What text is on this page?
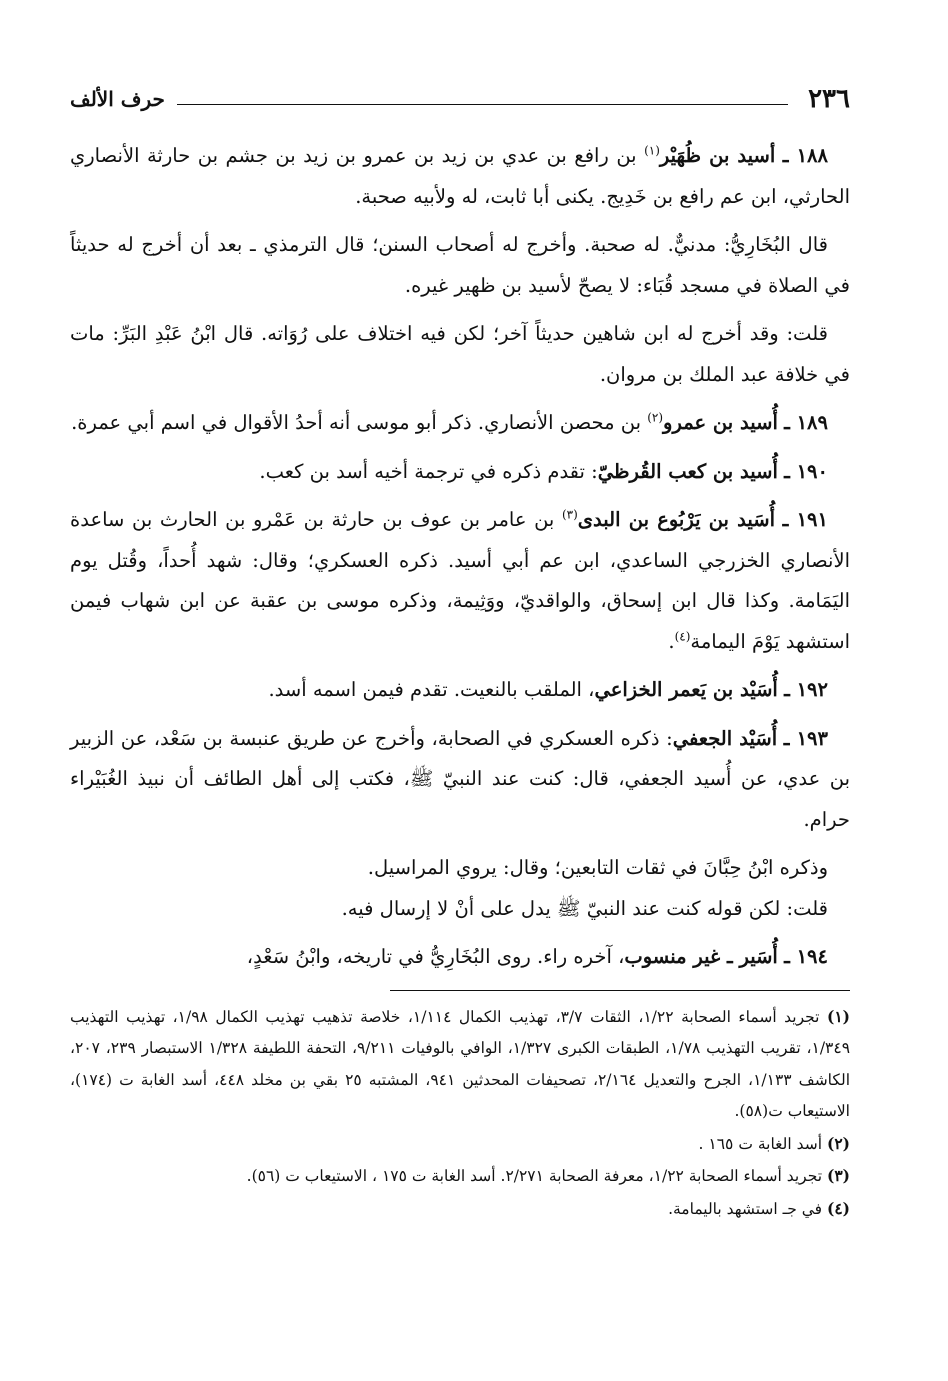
٢٣٦
حرف الألف

١٨٨ ـ أسيد بن ظُهَيْر$^{(١)}$ بن رافع بن عدي بن زيد بن عمرو بن زيد بن جشم بن حارثة الأنصاري الحارثي، ابن عم رافع بن خَدِيج. يكنى أبا ثابت، له ولأبيه صحبة.

قال البُخَارِيُّ: مدنيٌّ. له صحبة. وأخرج له أصحاب السنن؛ قال الترمذي ـ بعد أن أخرج له حديثاً في الصلاة في مسجد قُبَاء: لا يصحّ لأسيد بن ظهير غيره.

قلت: وقد أخرج له ابن شاهين حديثاً آخر؛ لكن فيه اختلاف على رُوَاته. قال ابْنُ عَبْدِ البَرِّ: مات في خلافة عبد الملك بن مروان.

١٨٩ ـ أُسيد بن عمرو$^{(٢)}$ بن محصن الأنصاري. ذكر أبو موسى أنه أحدُ الأقوال في اسم أبي عمرة.

١٩٠ ـ أُسيد بن كعب القُرظيّ: تقدم ذكره في ترجمة أخيه أسد بن كعب.

١٩١ ـ أُسَيد بن يَرْبُوع بن البدى$^{(٣)}$ بن عامر بن عوف بن حارثة بن عَمْرو بن الحارث بن ساعدة الأنصاري الخزرجي الساعدي، ابن عم أبي أسيد. ذكره العسكري؛ وقال: شهد أُحداً، وقُتل يوم اليَمَامة. وكذا قال ابن إسحاق، والواقديّ، ووَثِيمة، وذكره موسى بن عقبة عن ابن شهاب فيمن استشهد يَوْمَ اليمامة$^{(٤)}$.

١٩٢ ـ أُسَيْد بن يَعمر الخزاعي، الملقب بالنعيت. تقدم فيمن اسمه أسد.

١٩٣ ـ أُسَيْد الجعفي: ذكره العسكري في الصحابة، وأخرج عن طريق عنبسة بن سَعْد، عن الزبير بن عدي، عن أُسيد الجعفي، قال: كنت عند النبيّ ﷺ، فكتب إلى أهل الطائف أن نبيذ الغُبَيْراء حرام.

وذكره ابْنُ حِبَّانَ في ثقات التابعين؛ وقال: يروي المراسيل.

قلت: لكن قوله كنت عند النبيّ ﷺ يدل على أنْ لا إرسال فيه.

١٩٤ ـ أُسَير ـ غير منسوب، آخره راء. روى البُخَارِيُّ في تاريخه، وابْنُ سَعْدٍ،

(١) تجريد أسماء الصحابة ١/٢٢، الثقات ٣/٧، تهذيب الكمال ١/١١٤، خلاصة تذهيب تهذيب الكمال ١/٩٨، تهذيب التهذيب ١/٣٤٩، تقريب التهذيب ١/٧٨، الطبقات الكبرى ١/٣٢٧، الوافي بالوفيات ٩/٢١١، التحفة اللطيفة ١/٣٢٨ الاستبصار ٢٣٩، ٢٠٧، الكاشف ١/١٣٣، الجرح والتعديل ٢/١٦٤، تصحيفات المحدثين ٩٤١، المشتبه ٢٥ بقي بن مخلد ٤٤٨، أسد الغابة ت (١٧٤)، الاستيعاب ت(٥٨).

(٢) أسد الغابة ت ١٦٥ .

(٣) تجريد أسماء الصحابة ١/٢٢، معرفة الصحابة ٢/٢٧١. أسد الغابة ت ١٧٥ ، الاستيعاب ت (٥٦).

(٤) في جـ استشهد باليمامة.
